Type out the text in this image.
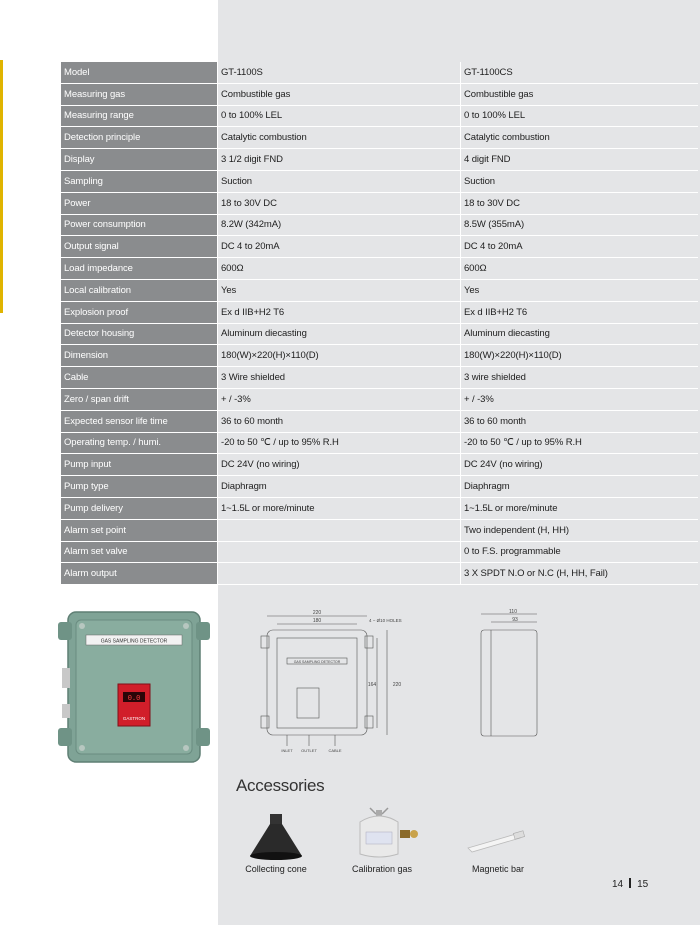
Model	GT-1100S	GT-1100CS
Measuring gas	Combustible gas	Combustible gas
Measuring range	0 to 100% LEL	0 to 100% LEL
Detection principle	Catalytic combustion	Catalytic combustion
Display	3 1/2 digit FND	4 digit FND
Sampling	Suction	Suction
Power	18 to 30V DC	18 to 30V DC
Power consumption	8.2W (342mA)	8.5W (355mA)
Output signal	DC 4 to 20mA	DC 4 to 20mA
Load impedance	600Ω	600Ω
Local calibration	Yes	Yes
Explosion proof	Ex d IIB+H2 T6	Ex d IIB+H2 T6
Detector housing	Aluminum diecasting	Aluminum diecasting
Dimension	180(W)×220(H)×110(D)	180(W)×220(H)×110(D)
Cable	3 Wire shielded	3 wire shielded
Zero / span drift	+ / -3%	+ / -3%
Expected sensor life time	36 to 60 month	36 to 60 month
Operating temp. / humi.	-20 to 50 ℃ / up to 95% R.H	-20 to 50 ℃ / up to 95% R.H
Pump input	DC 24V (no wiring)	DC 24V (no wiring)
Pump type	Diaphragm	Diaphragm
Pump delivery	1~1.5L or more/minute	1~1.5L or more/minute
Alarm set point		Two independent (H, HH)
Alarm set valve		0 to F.S. programmable
Alarm output		3 X SPDT N.O or N.C (H, HH, Fail)
GAS SAMPLING DETECTOR
0.0
GASTRON
220
180	4 − Ø10 HOLES
GAS SAMPLING DETECTOR
164	220
INLET OUTLET	CABLE
110
93
Accessories
Collecting cone	Calibration gas	Magnetic bar
14 15
